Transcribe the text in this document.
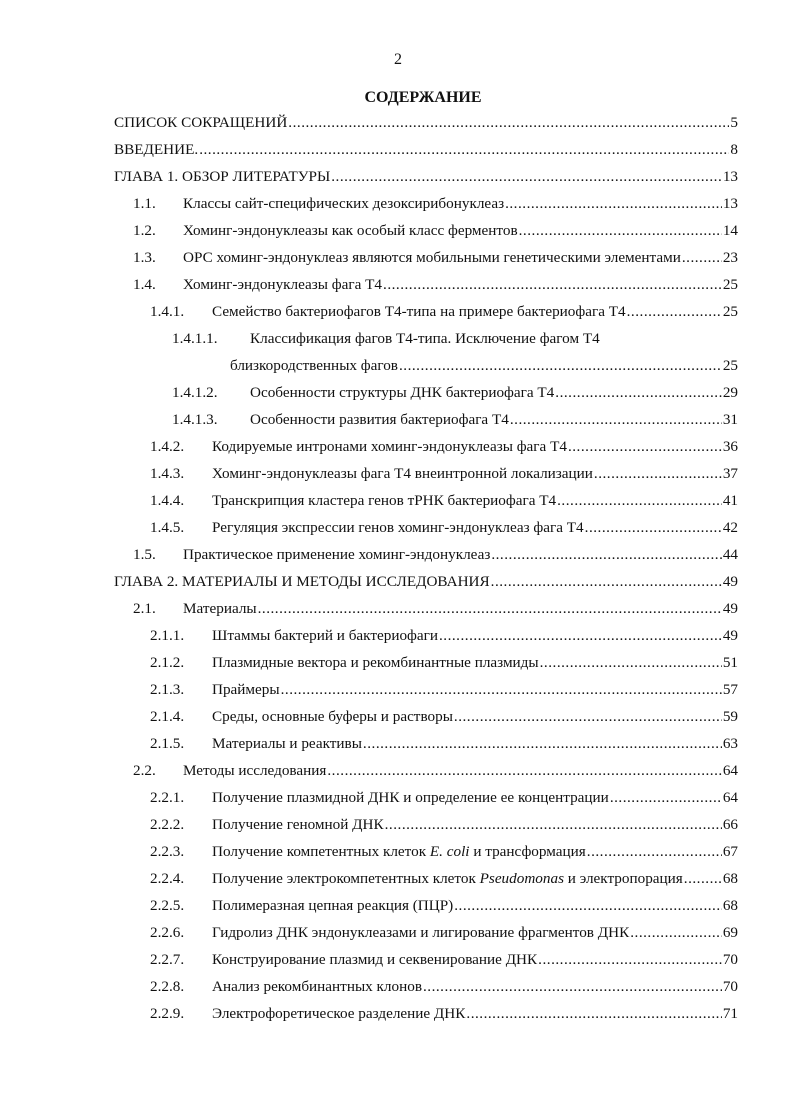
2
СОДЕРЖАНИЕ
СПИСОК СОКРАЩЕНИЙ .....	5
ВВЕДЕНИЕ. .....	8
ГЛАВА 1. ОБЗОР ЛИТЕРАТУРЫ .....	13
1.1.	Классы сайт-специфических дезоксирибонуклеаз .....	13
1.2.	Хоминг-эндонуклеазы как особый класс ферментов .....	14
1.3.	ОРС хоминг-эндонуклеаз являются мобильными генетическими элементами .....	23
1.4.	Хоминг-эндонуклеазы фага Т4 .....	25
1.4.1.	Семейство бактериофагов Т4-типа на примере бактериофага Т4 .....	25
1.4.1.1.	Классификация фагов Т4-типа. Исключение фагом Т4
близкородственных фагов .....	25
1.4.1.2.	Особенности структуры ДНК бактериофага Т4 .....	29
1.4.1.3.	Особенности развития бактериофага Т4 .....	31
1.4.2.	Кодируемые интронами хоминг-эндонуклеазы фага Т4 .....	36
1.4.3.	Хоминг-эндонуклеазы фага Т4 внеинтронной локализации .....	37
1.4.4.	Транскрипция кластера генов тРНК бактериофага Т4 .....	41
1.4.5.	Регуляция экспрессии генов хоминг-эндонуклеаз фага Т4 .....	42
1.5.	Практическое применение хоминг-эндонуклеаз .....	44
ГЛАВА 2. МАТЕРИАЛЫ И МЕТОДЫ ИССЛЕДОВАНИЯ .....	49
2.1.	Материалы .....	49
2.1.1.	Штаммы бактерий и бактериофаги .....	49
2.1.2.	Плазмидные вектора и рекомбинантные плазмиды .....	51
2.1.3.	Праймеры .....	57
2.1.4.	Среды, основные буферы и растворы .....	59
2.1.5.	Материалы и реактивы .....	63
2.2.	Методы исследования .....	64
2.2.1.	Получение плазмидной ДНК и определение ее концентрации .....	64
2.2.2.	Получение геномной ДНК .....	66
2.2.3.	Получение компетентных клеток E. coli и трансформация .....	67
2.2.4.	Получение электрокомпетентных клеток Pseudomonas и электропорация .....	68
2.2.5.	Полимеразная цепная реакция (ПЦР) .....	68
2.2.6.	Гидролиз ДНК эндонуклеазами и лигирование фрагментов ДНК .....	69
2.2.7.	Конструирование плазмид и секвенирование ДНК .....	70
2.2.8.	Анализ рекомбинантных клонов .....	70
2.2.9.	Электрофоретическое разделение ДНК .....	71
